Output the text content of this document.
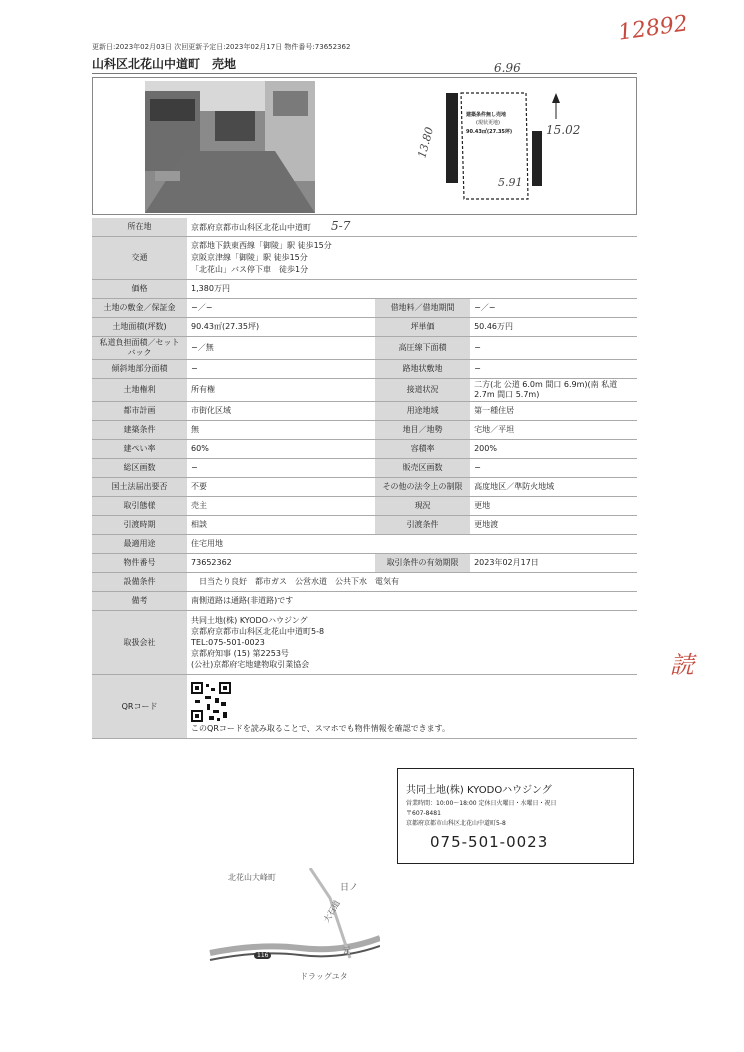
12892
読
更新日:2023年02月03日 次回更新予定日:2023年02月17日 物件番号:73652362
山科区北花山中道町　売地
建築条件無し売地
(現状更地)
90.43㎡(27.35坪)
6.96
13.80	15.02
5.91
所在地	京都府京都市山科区北花山中道町 5-7		
交通	京都地下鉄東西線「御陵」駅 徒歩15分
京阪京津線「御陵」駅 徒歩15分
「北花山」バス停下車　徒歩1分		

価格	1,380万円		
土地の敷金／保証金	−／−	借地料／借地期間	−／−
土地面積(坪数)	90.43㎡(27.35坪)	坪単価	50.46万円
私道負担面積／セットバック	−／無	高圧線下面積	−
傾斜地部分面積	−	路地状敷地	−
土地権利	所有権	接道状況	二方(北 公道 6.0m 間口 6.9m)(南 私道 2.7m 間口 5.7m)
都市計画	市街化区域	用途地域	第一種住居
建築条件	無	地目／地勢	宅地／平坦
建ぺい率	60%	容積率	200%
総区画数	−	販売区画数	−
国土法届出要否	不要	その他の法令上の制限	高度地区／準防火地域
取引態様	売主	現況	更地
引渡時期	相談	引渡条件	更地渡
最適用途	住宅用地		
物件番号	73652362	取引条件の有効期限	2023年02月17日
設備条件	日当たり良好　都市ガス　公営水道　公共下水　電気有		
備考	南側道路は通路(非道路)です		
取扱会社	共同土地(株) KYODOハウジング
京都府京都市山科区北花山中道町5-8
TEL:075-501-0023
京都府知事 (15) 第2253号
(公社)京都府宅地建物取引業協会		

QRコード	このQRコードを読み取ることで、スマホでも物件情報を確認できます。		
共同土地(株) KYODOハウジング
営業時間：10:00～18:00 定休日火曜日・水曜日・祝日
〒607-8481
京都府京都市山科区北花山中道町5-8
075-501-0023
北花山大峰町
日ノ
大石道
116	元
ドラッグユタ
